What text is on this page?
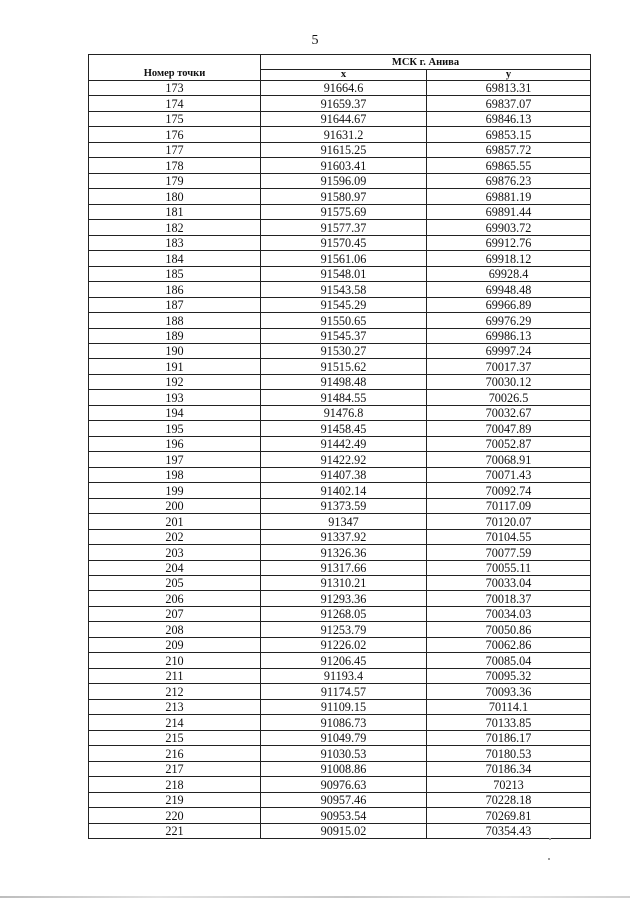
5
Номер точки	МСК г. Анива	
	x	y
173	91664.6	69813.31
174	91659.37	69837.07
175	91644.67	69846.13
176	91631.2	69853.15
177	91615.25	69857.72
178	91603.41	69865.55
179	91596.09	69876.23
180	91580.97	69881.19
181	91575.69	69891.44
182	91577.37	69903.72
183	91570.45	69912.76
184	91561.06	69918.12
185	91548.01	69928.4
186	91543.58	69948.48
187	91545.29	69966.89
188	91550.65	69976.29
189	91545.37	69986.13
190	91530.27	69997.24
191	91515.62	70017.37
192	91498.48	70030.12
193	91484.55	70026.5
194	91476.8	70032.67
195	91458.45	70047.89
196	91442.49	70052.87
197	91422.92	70068.91
198	91407.38	70071.43
199	91402.14	70092.74
200	91373.59	70117.09
201	91347	70120.07
202	91337.92	70104.55
203	91326.36	70077.59
204	91317.66	70055.11
205	91310.21	70033.04
206	91293.36	70018.37
207	91268.05	70034.03
208	91253.79	70050.86
209	91226.02	70062.86
210	91206.45	70085.04
211	91193.4	70095.32
212	91174.57	70093.36
213	91109.15	70114.1
214	91086.73	70133.85
215	91049.79	70186.17
216	91030.53	70180.53
217	91008.86	70186.34
218	90976.63	70213
219	90957.46	70228.18
220	90953.54	70269.81
221	90915.02	70354.43
